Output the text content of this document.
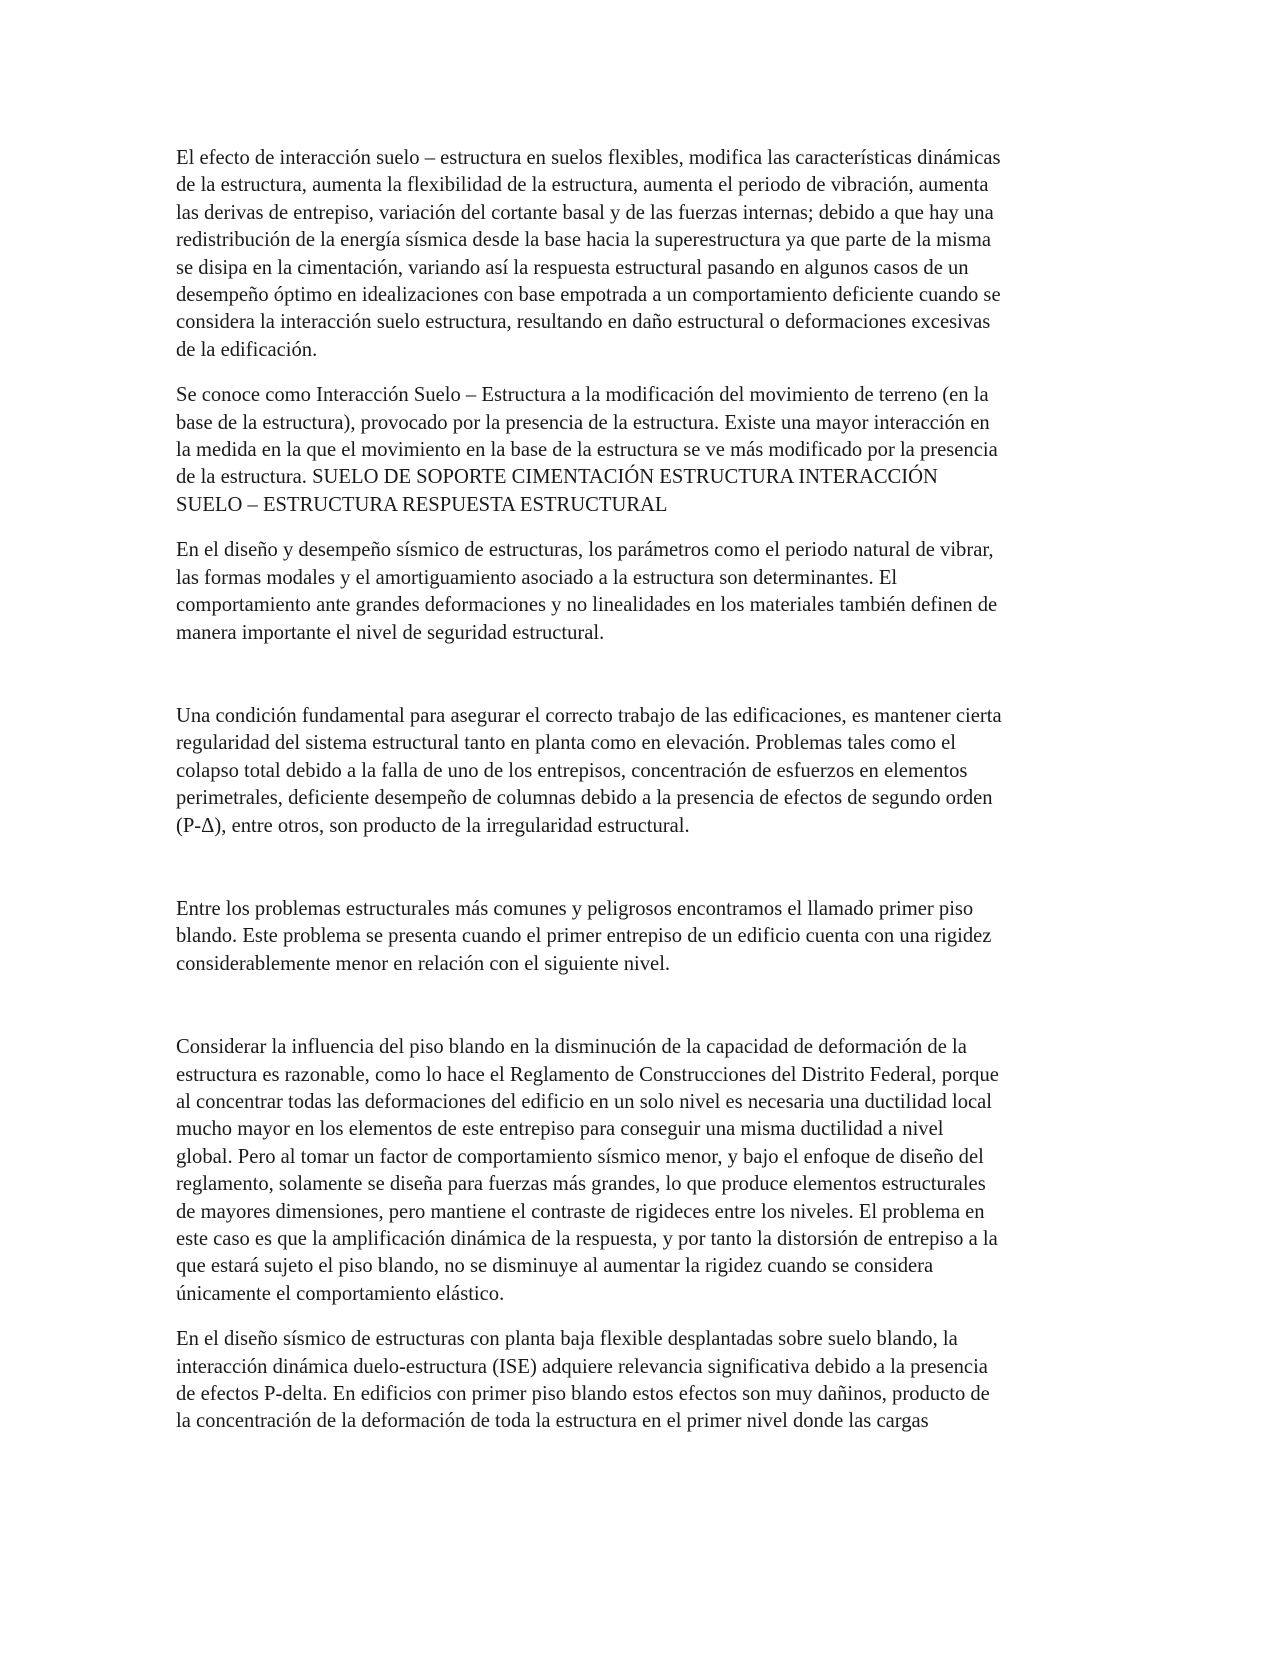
El efecto de interacción suelo – estructura en suelos flexibles, modifica las características dinámicas
de la estructura, aumenta la flexibilidad de la estructura, aumenta el periodo de vibración, aumenta
las derivas de entrepiso, variación del cortante basal y de las fuerzas internas; debido a que hay una
redistribución de la energía sísmica desde la base hacia la superestructura ya que parte de la misma
se disipa en la cimentación, variando así la respuesta estructural pasando en algunos casos de un
desempeño óptimo en idealizaciones con base empotrada a un comportamiento deficiente cuando se
considera la interacción suelo estructura, resultando en daño estructural o deformaciones excesivas
de la edificación.

Se conoce como Interacción Suelo – Estructura a la modificación del movimiento de terreno (en la
base de la estructura), provocado por la presencia de la estructura. Existe una mayor interacción en
la medida en la que el movimiento en la base de la estructura se ve más modificado por la presencia
de la estructura. SUELO DE SOPORTE CIMENTACIÓN ESTRUCTURA INTERACCIÓN
SUELO – ESTRUCTURA RESPUESTA ESTRUCTURAL

En el diseño y desempeño sísmico de estructuras, los parámetros como el periodo natural de vibrar,
las formas modales y el amortiguamiento asociado a la estructura son determinantes. El
comportamiento ante grandes deformaciones y no linealidades en los materiales también definen de
manera importante el nivel de seguridad estructural.

Una condición fundamental para asegurar el correcto trabajo de las edificaciones, es mantener cierta
regularidad del sistema estructural tanto en planta como en elevación. Problemas tales como el
colapso total debido a la falla de uno de los entrepisos, concentración de esfuerzos en elementos
perimetrales, deficiente desempeño de columnas debido a la presencia de efectos de segundo orden
(P-Δ), entre otros, son producto de la irregularidad estructural.

Entre los problemas estructurales más comunes y peligrosos encontramos el llamado primer piso
blando. Este problema se presenta cuando el primer entrepiso de un edificio cuenta con una rigidez
considerablemente menor en relación con el siguiente nivel.

Considerar la influencia del piso blando en la disminución de la capacidad de deformación de la
estructura es razonable, como lo hace el Reglamento de Construcciones del Distrito Federal, porque
al concentrar todas las deformaciones del edificio en un solo nivel es necesaria una ductilidad local
mucho mayor en los elementos de este entrepiso para conseguir una misma ductilidad a nivel
global. Pero al tomar un factor de comportamiento sísmico menor, y bajo el enfoque de diseño del
reglamento, solamente se diseña para fuerzas más grandes, lo que produce elementos estructurales
de mayores dimensiones, pero mantiene el contraste de rigideces entre los niveles. El problema en
este caso es que la amplificación dinámica de la respuesta, y por tanto la distorsión de entrepiso a la
que estará sujeto el piso blando, no se disminuye al aumentar la rigidez cuando se considera
únicamente el comportamiento elástico.

En el diseño sísmico de estructuras con planta baja flexible desplantadas sobre suelo blando, la
interacción dinámica duelo-estructura (ISE) adquiere relevancia significativa debido a la presencia
de efectos P-delta. En edificios con primer piso blando estos efectos son muy dañinos, producto de
la concentración de la deformación de toda la estructura en el primer nivel donde las cargas
